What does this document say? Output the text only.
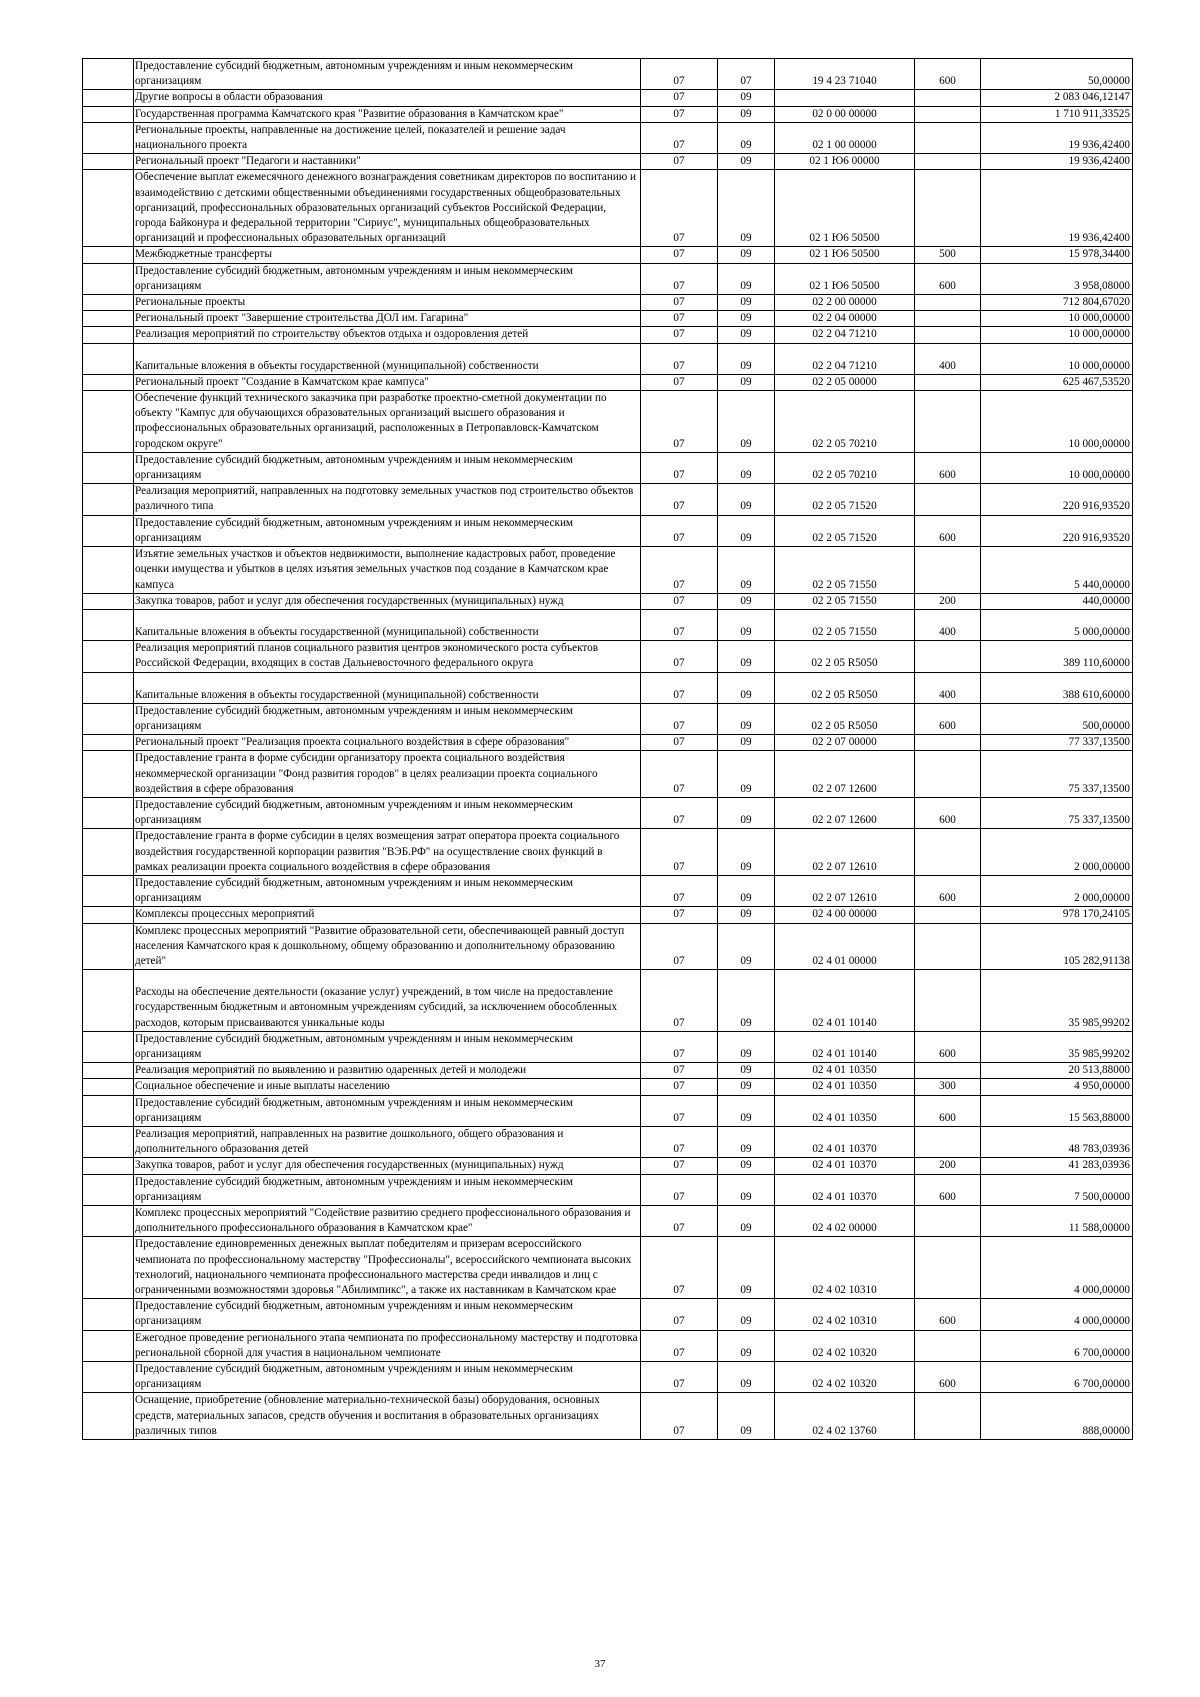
	Предоставление субсидий бюджетным, автономным учреждениям и иным некоммерческим организациям	07	07	19 4 23 71040	600	50,00000
	Другие вопросы в области образования	07	09			2 083 046,12147
	Государственная программа Камчатского края "Развитие образования в Камчатском крае"	07	09	02 0 00 00000		1 710 911,33525
	Региональные проекты, направленные на достижение целей, показателей и решение задач национального проекта	07	09	02 1 00 00000		19 936,42400
	Региональный проект "Педагоги и наставники"	07	09	02 1 Ю6 00000		19 936,42400
	Обеспечение выплат ежемесячного денежного вознаграждения советникам директоров по воспитанию и взаимодействию с детскими общественными объединениями государственных общеобразовательных организаций, профессиональных образовательных организаций субъектов Российской Федерации, города Байконура и федеральной территории "Сириус", муниципальных общеобразовательных организаций и профессиональных образовательных организаций	07	09	02 1 Ю6 50500		19 936,42400
	Межбюджетные трансферты	07	09	02 1 Ю6 50500	500	15 978,34400
	Предоставление субсидий бюджетным, автономным учреждениям и иным некоммерческим организациям	07	09	02 1 Ю6 50500	600	3 958,08000
	Региональные проекты	07	09	02 2 00 00000		712 804,67020
	Региональный проект "Завершение строительства ДОЛ им. Гагарина"	07	09	02 2 04 00000		10 000,00000
	Реализация мероприятий по строительству объектов отдыха и оздоровления детей	07	09	02 2 04 71210		10 000,00000
	Капитальные вложения в объекты государственной (муниципальной) собственности	07	09	02 2 04 71210	400	10 000,00000
	Региональный проект "Создание в Камчатском крае кампуса"	07	09	02 2 05 00000		625 467,53520
	Обеспечение функций технического заказчика при разработке проектно-сметной документации по объекту "Кампус для обучающихся образовательных организаций высшего образования и профессиональных образовательных организаций, расположенных в Петропавловск-Камчатском городском округе"	07	09	02 2 05 70210		10 000,00000
	Предоставление субсидий бюджетным, автономным учреждениям и иным некоммерческим организациям	07	09	02 2 05 70210	600	10 000,00000
	Реализация мероприятий, направленных на подготовку земельных участков под строительство объектов различного типа	07	09	02 2 05 71520		220 916,93520
	Предоставление субсидий бюджетным, автономным учреждениям и иным некоммерческим организациям	07	09	02 2 05 71520	600	220 916,93520
	Изъятие земельных участков и объектов недвижимости, выполнение кадастровых работ, проведение оценки имущества и убытков в целях изъятия земельных участков под создание в Камчатском крае кампуса	07	09	02 2 05 71550		5 440,00000
	Закупка товаров, работ и услуг для обеспечения государственных (муниципальных) нужд	07	09	02 2 05 71550	200	440,00000
	Капитальные вложения в объекты государственной (муниципальной) собственности	07	09	02 2 05 71550	400	5 000,00000
	Реализация мероприятий планов социального развития центров экономического роста субъектов Российской Федерации, входящих в состав Дальневосточного федерального округа	07	09	02 2 05 R5050		389 110,60000
	Капитальные вложения в объекты государственной (муниципальной) собственности	07	09	02 2 05 R5050	400	388 610,60000
	Предоставление субсидий бюджетным, автономным учреждениям и иным некоммерческим организациям	07	09	02 2 05 R5050	600	500,00000
	Региональный проект "Реализация проекта социального воздействия в сфере образования"	07	09	02 2 07 00000		77 337,13500
	Предоставление гранта в форме субсидии организатору проекта социального воздействия некоммерческой организации "Фонд развития городов" в целях реализации проекта социального воздействия в сфере образования	07	09	02 2 07 12600		75 337,13500
	Предоставление субсидий бюджетным, автономным учреждениям и иным некоммерческим организациям	07	09	02 2 07 12600	600	75 337,13500
	Предоставление гранта в форме субсидии в целях возмещения затрат оператора проекта социального воздействия государственной корпорации развития "ВЭБ.РФ" на осуществление своих функций в рамках реализации проекта социального воздействия в сфере образования	07	09	02 2 07 12610		2 000,00000
	Предоставление субсидий бюджетным, автономным учреждениям и иным некоммерческим организациям	07	09	02 2 07 12610	600	2 000,00000
	Комплексы процессных мероприятий	07	09	02 4 00 00000		978 170,24105
	Комплекс процессных мероприятий "Развитие образовательной сети, обеспечивающей равный доступ населения Камчатского края к дошкольному, общему образованию и дополнительному образованию детей"	07	09	02 4 01 00000		105 282,91138
	Расходы на обеспечение деятельности (оказание услуг) учреждений, в том числе на предоставление государственным бюджетным и автономным учреждениям субсидий, за исключением обособленных расходов, которым присваиваются уникальные коды	07	09	02 4 01 10140		35 985,99202
	Предоставление субсидий бюджетным, автономным учреждениям и иным некоммерческим организациям	07	09	02 4 01 10140	600	35 985,99202
	Реализация мероприятий по выявлению и развитию одаренных детей и молодежи	07	09	02 4 01 10350		20 513,88000
	Социальное обеспечение и иные выплаты населению	07	09	02 4 01 10350	300	4 950,00000
	Предоставление субсидий бюджетным, автономным учреждениям и иным некоммерческим организациям	07	09	02 4 01 10350	600	15 563,88000
	Реализация мероприятий, направленных на развитие дошкольного, общего образования и дополнительного образования детей	07	09	02 4 01 10370		48 783,03936
	Закупка товаров, работ и услуг для обеспечения государственных (муниципальных) нужд	07	09	02 4 01 10370	200	41 283,03936
	Предоставление субсидий бюджетным, автономным учреждениям и иным некоммерческим организациям	07	09	02 4 01 10370	600	7 500,00000
	Комплекс процессных мероприятий "Содействие развитию среднего профессионального образования и дополнительного профессионального образования в Камчатском крае"	07	09	02 4 02 00000		11 588,00000
	Предоставление единовременных денежных выплат победителям и призерам всероссийского чемпионата по профессиональному мастерству "Профессионалы", всероссийского чемпионата высоких технологий, национального чемпионата профессионального мастерства среди инвалидов и лиц с ограниченными возможностями здоровья "Абилимпикс", а также их наставникам в Камчатском крае	07	09	02 4 02 10310		4 000,00000
	Предоставление субсидий бюджетным, автономным учреждениям и иным некоммерческим организациям	07	09	02 4 02 10310	600	4 000,00000
	Ежегодное проведение регионального этапа чемпионата по профессиональному мастерству и подготовка региональной сборной для участия в национальном чемпионате	07	09	02 4 02 10320		6 700,00000
	Предоставление субсидий бюджетным, автономным учреждениям и иным некоммерческим организациям	07	09	02 4 02 10320	600	6 700,00000
	Оснащение, приобретение (обновление материально-технической базы) оборудования, основных средств, материальных запасов, средств обучения и воспитания в образовательных организациях различных типов	07	09	02 4 02 13760		888,00000
37
